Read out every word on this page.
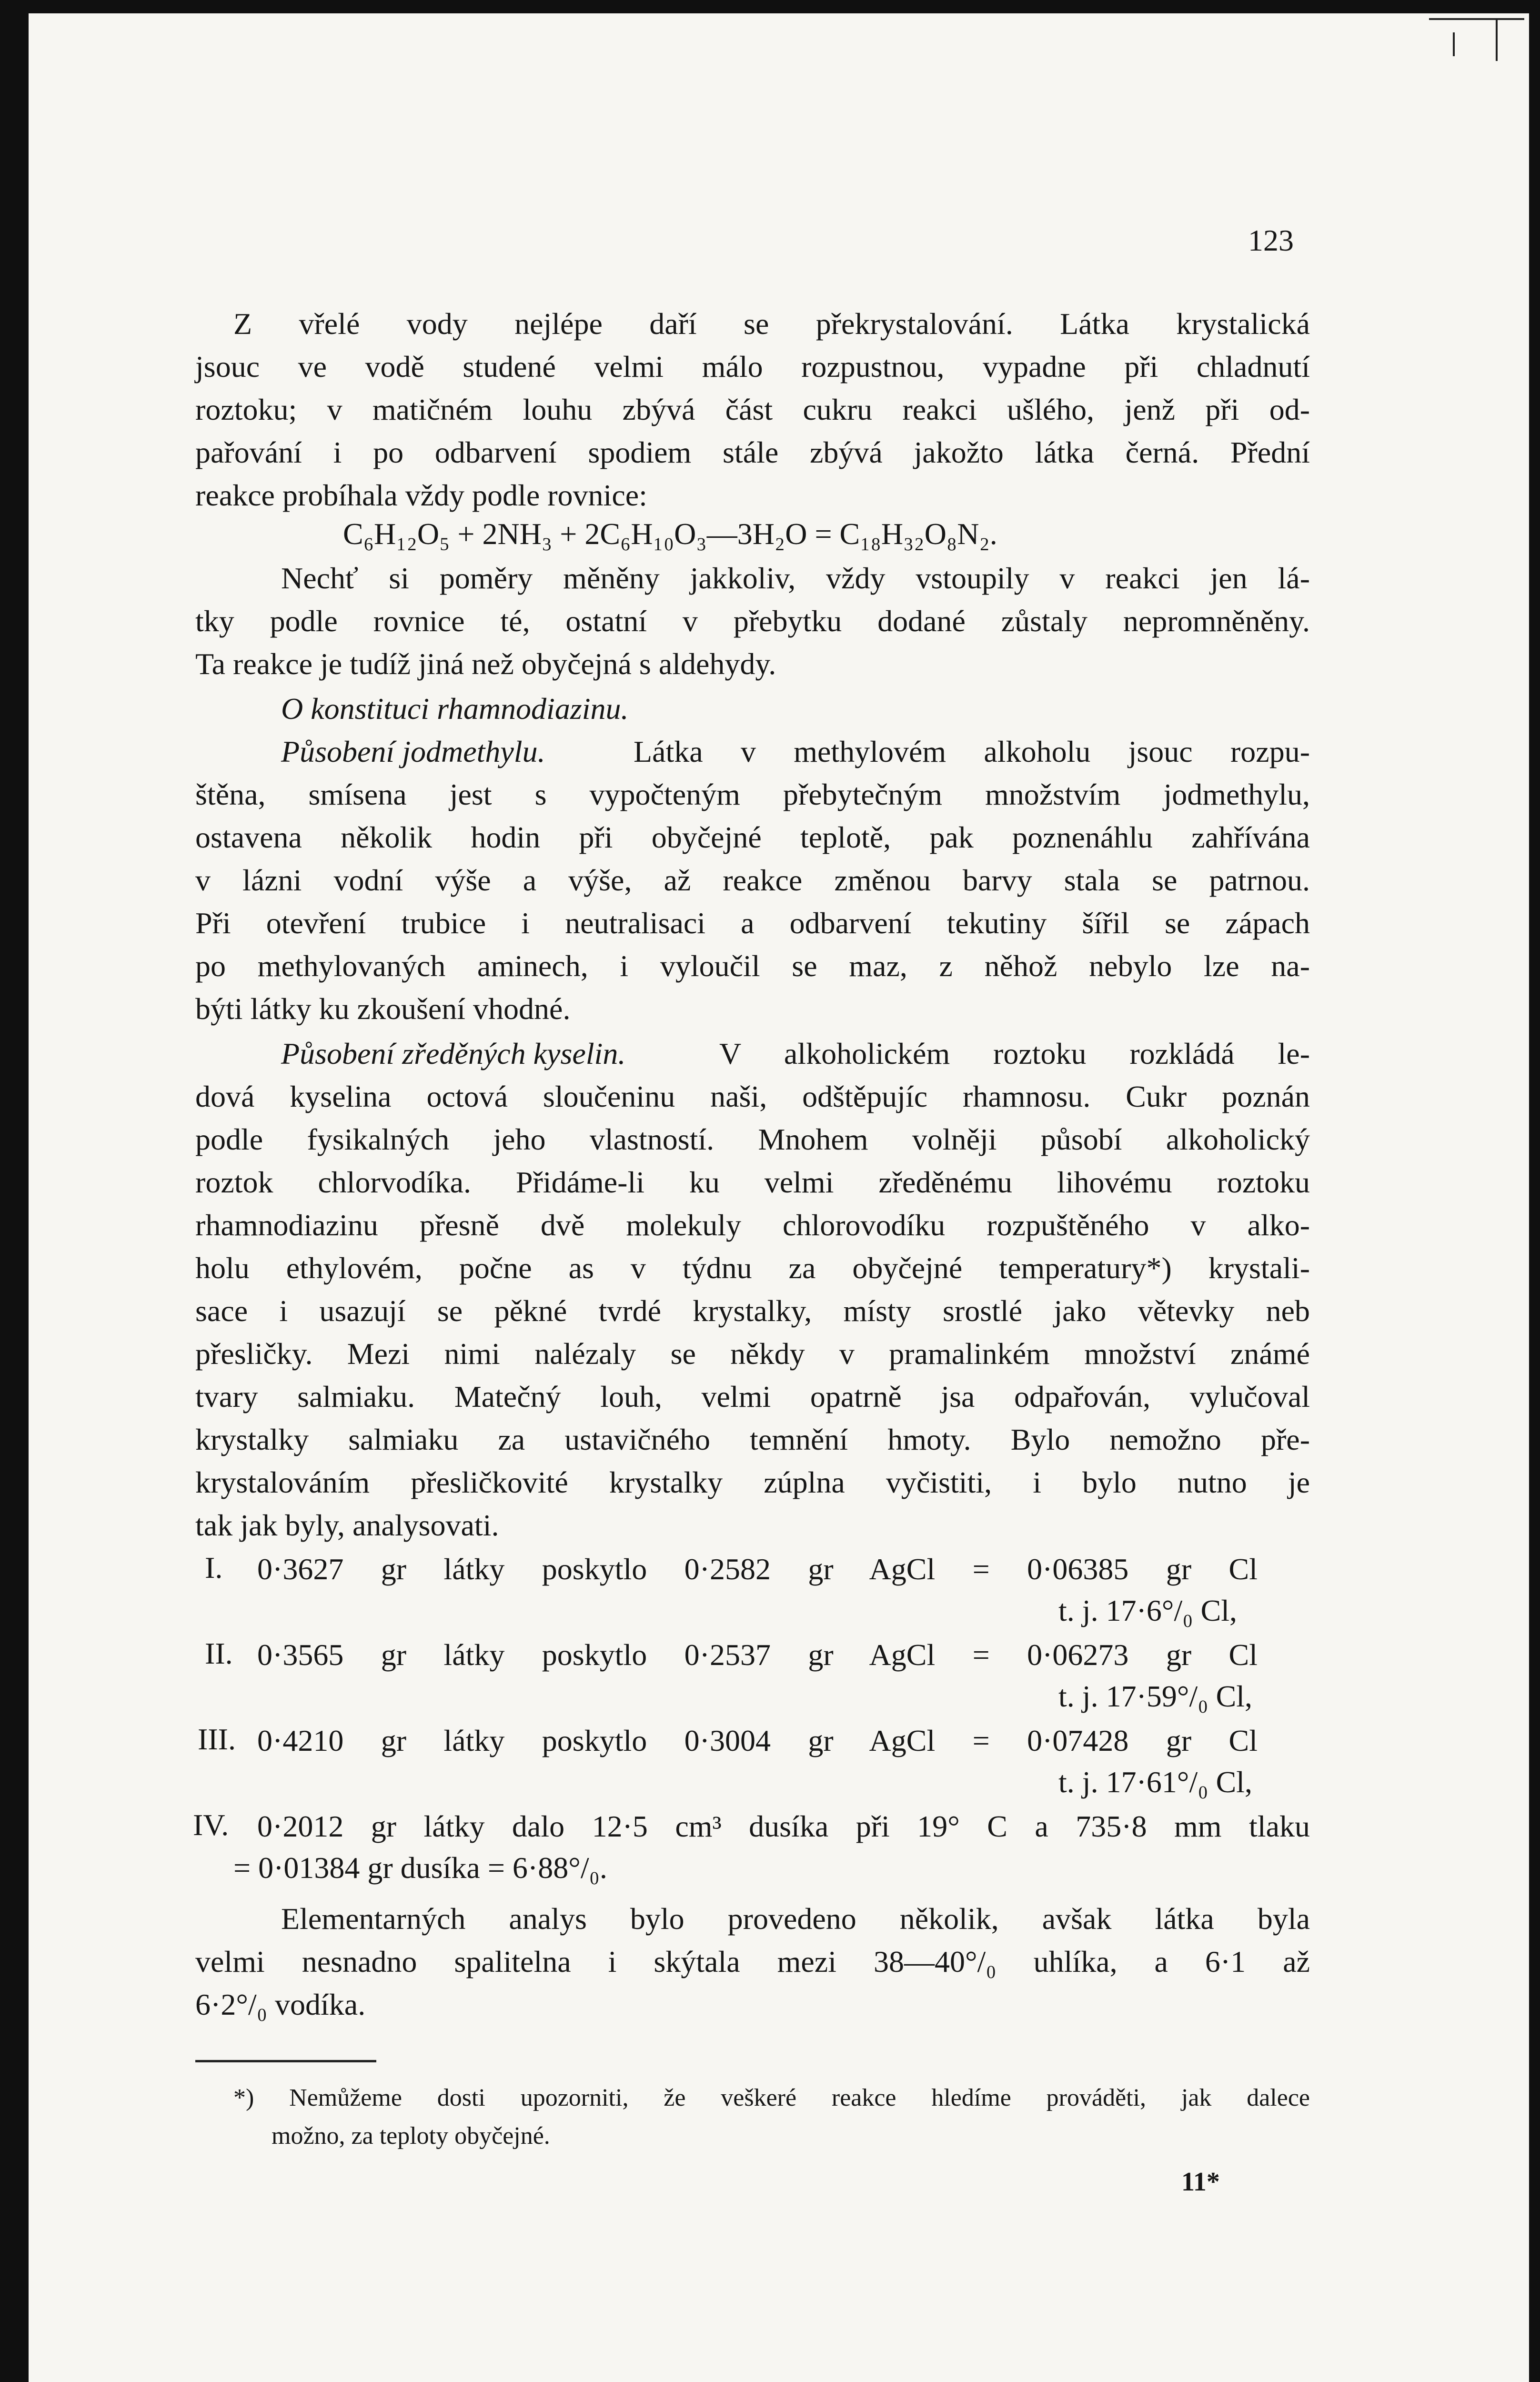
123
Z vřelé vody nejlépe daří se překrystalování. Látka krystalická
jsouc ve vodě studené velmi málo rozpustnou, vypadne při chladnutí
roztoku; v matičném louhu zbývá část cukru reakci ušlého, jenž při od-
pařování i po odbarvení spodiem stále zbývá jakožto látka černá. Přední
reakce probíhala vždy podle rovnice:
C₆H₁₂O₅ + 2NH₃ + 2C₆H₁₀O₃—3H₂O = C₁₈H₃₂O₈N₂.
Nechť si poměry měněny jakkoliv, vždy vstoupily v reakci jen lá-
tky podle rovnice té, ostatní v přebytku dodané zůstaly nepromněněny.
Ta reakce je tudíž jiná než obyčejná s aldehydy.
O konstituci rhamnodiazinu.
Působení jodmethylu.	Látka v methylovém alkoholu jsouc rozpu-
štěna, smísena jest s vypočteným přebytečným množstvím jodmethylu,
ostavena několik hodin při obyčejné teplotě, pak poznenáhlu zahřívána
v lázni vodní výše a výše, až reakce změnou barvy stala se patrnou.
Při otevření trubice i neutralisaci a odbarvení tekutiny šířil se zápach
po methylovaných aminech, i vyloučil se maz, z něhož nebylo lze na-
býti látky ku zkoušení vhodné.
Působení zředěných kyselin.	V alkoholickém roztoku rozkládá le-
dová kyselina octová sloučeninu naši, odštěpujíc rhamnosu. Cukr poznán
podle fysikalných jeho vlastností. Mnohem volněji působí alkoholický
roztok chlorvodíka. Přidáme-li ku velmi zředěnému lihovému roztoku
rhamnodiazinu přesně dvě molekuly chlorovodíku rozpuštěného v alko-
holu ethylovém, počne as v týdnu za obyčejné temperatury*) krystali-
sace i usazují se pěkné tvrdé krystalky, místy srostlé jako větevky neb
přesličky. Mezi nimi nalézaly se někdy v pramalinkém množství známé
tvary salmiaku. Matečný louh, velmi opatrně jsa odpařován, vylučoval
krystalky salmiaku za ustavičného temnění hmoty. Bylo nemožno pře-
krystalováním přesličkovité krystalky zúplna vyčistiti, i bylo nutno je
tak jak byly, analysovati.
I. 0·3627 gr látky poskytlo 0·2582 gr AgCl = 0·06385 gr Cl
t. j. 17·6°/₀ Cl,
II. 0·3565 gr látky poskytlo 0·2537 gr AgCl = 0·06273 gr Cl
t. j. 17·59°/₀ Cl,
III. 0·4210 gr látky poskytlo 0·3004 gr AgCl = 0·07428 gr Cl
t. j. 17·61°/₀ Cl,
IV. 0·2012 gr látky dalo 12·5 cm³ dusíka při 19° C a 735·8 mm tlaku
= 0·01384 gr dusíka = 6·88°/₀.
Elementarných analys bylo provedeno několik, avšak látka byla
velmi nesnadno spalitelna i skýtala mezi 38—40°/₀ uhlíka, a 6·1 až
6·2°/₀ vodíka.
*) Nemůžeme dosti upozorniti, že veškeré reakce hledíme prováděti, jak dalece
možno, za teploty obyčejné.
11*
